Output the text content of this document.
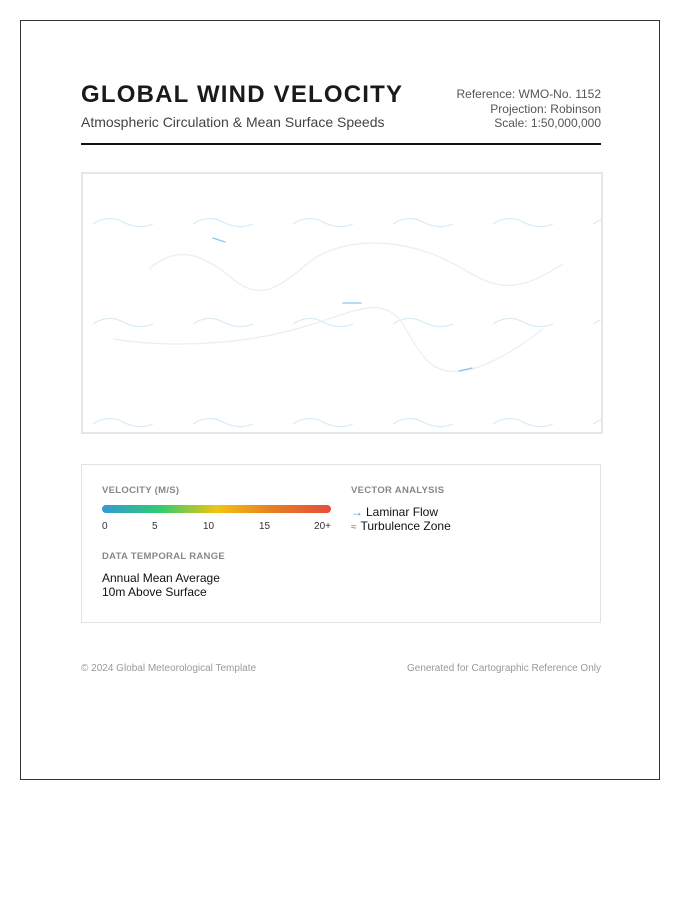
GLOBAL WIND VELOCITY
Atmospheric Circulation & Mean Surface Speeds
Reference: WMO-No. 1152
Projection: Robinson
Scale: 1:50,000,000
VELOCITY (M/S)
0	5	10	15	20+
DATA TEMPORAL RANGE
Annual Mean Average
10m Above Surface
VECTOR ANALYSIS
→ Laminar Flow
≈ Turbulence Zone
© 2024 Global Meteorological Template	Generated for Cartographic Reference Only
